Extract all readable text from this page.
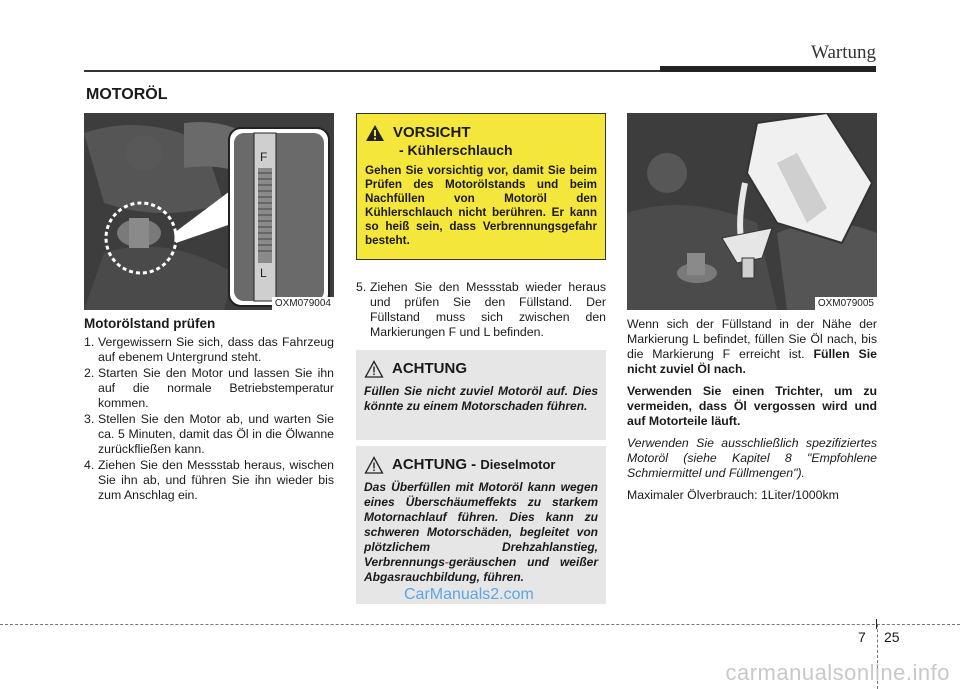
Wartung
MOTORÖL
F
L
OXM079004
Motorölstand prüfen
1. Vergewissern Sie sich, dass das Fahrzeug auf ebenem Untergrund steht.
2. Starten Sie den Motor und lassen Sie ihn auf die normale Betriebstemperatur kommen.
3. Stellen Sie den Motor ab, und warten Sie ca. 5 Minuten, damit das Öl in die Ölwanne zurückfließen kann.
4. Ziehen Sie den Messstab heraus, wischen Sie ihn ab, und führen Sie ihn wieder bis zum Anschlag ein.
VORSICHT
- Kühlerschlauch
Gehen Sie vorsichtig vor, damit Sie beim Prüfen des Motorölstands und beim Nachfüllen von Motoröl den Kühlerschlauch nicht berühren. Er kann so heiß sein, dass Verbrennungsgefahr besteht.
5. Ziehen Sie den Messstab wieder heraus und prüfen Sie den Füllstand. Der Füllstand muss sich zwischen den Markierungen F und L befinden.
ACHTUNG
Füllen Sie nicht zuviel Motoröl auf. Dies könnte zu einem Motorschaden führen.
ACHTUNG - Dieselmotor
Das Überfüllen mit Motoröl kann wegen eines Überschäumeffekts zu starkem Motornachlauf führen. Dies kann zu schweren Motorschäden, begleitet von plötzlichem Drehzahlanstieg, Verbrennungs-geräuschen und weißer Abgasrauchbildung, führen.
OXM079005

Wenn sich der Füllstand in der Nähe der Markierung L befindet, füllen Sie Öl nach, bis die Markierung F erreicht ist. Füllen Sie nicht zuviel Öl nach.

Verwenden Sie einen Trichter, um zu vermeiden, dass Öl vergossen wird und auf Motorteile läuft.

Verwenden Sie ausschließlich spezifiziertes Motoröl (siehe Kapitel 8 "Empfohlene Schmiermittel und Füllmengen").

Maximaler Ölverbrauch: 1Liter/1000km

CarManuals2.com
7 25
carmanualsonline.info
